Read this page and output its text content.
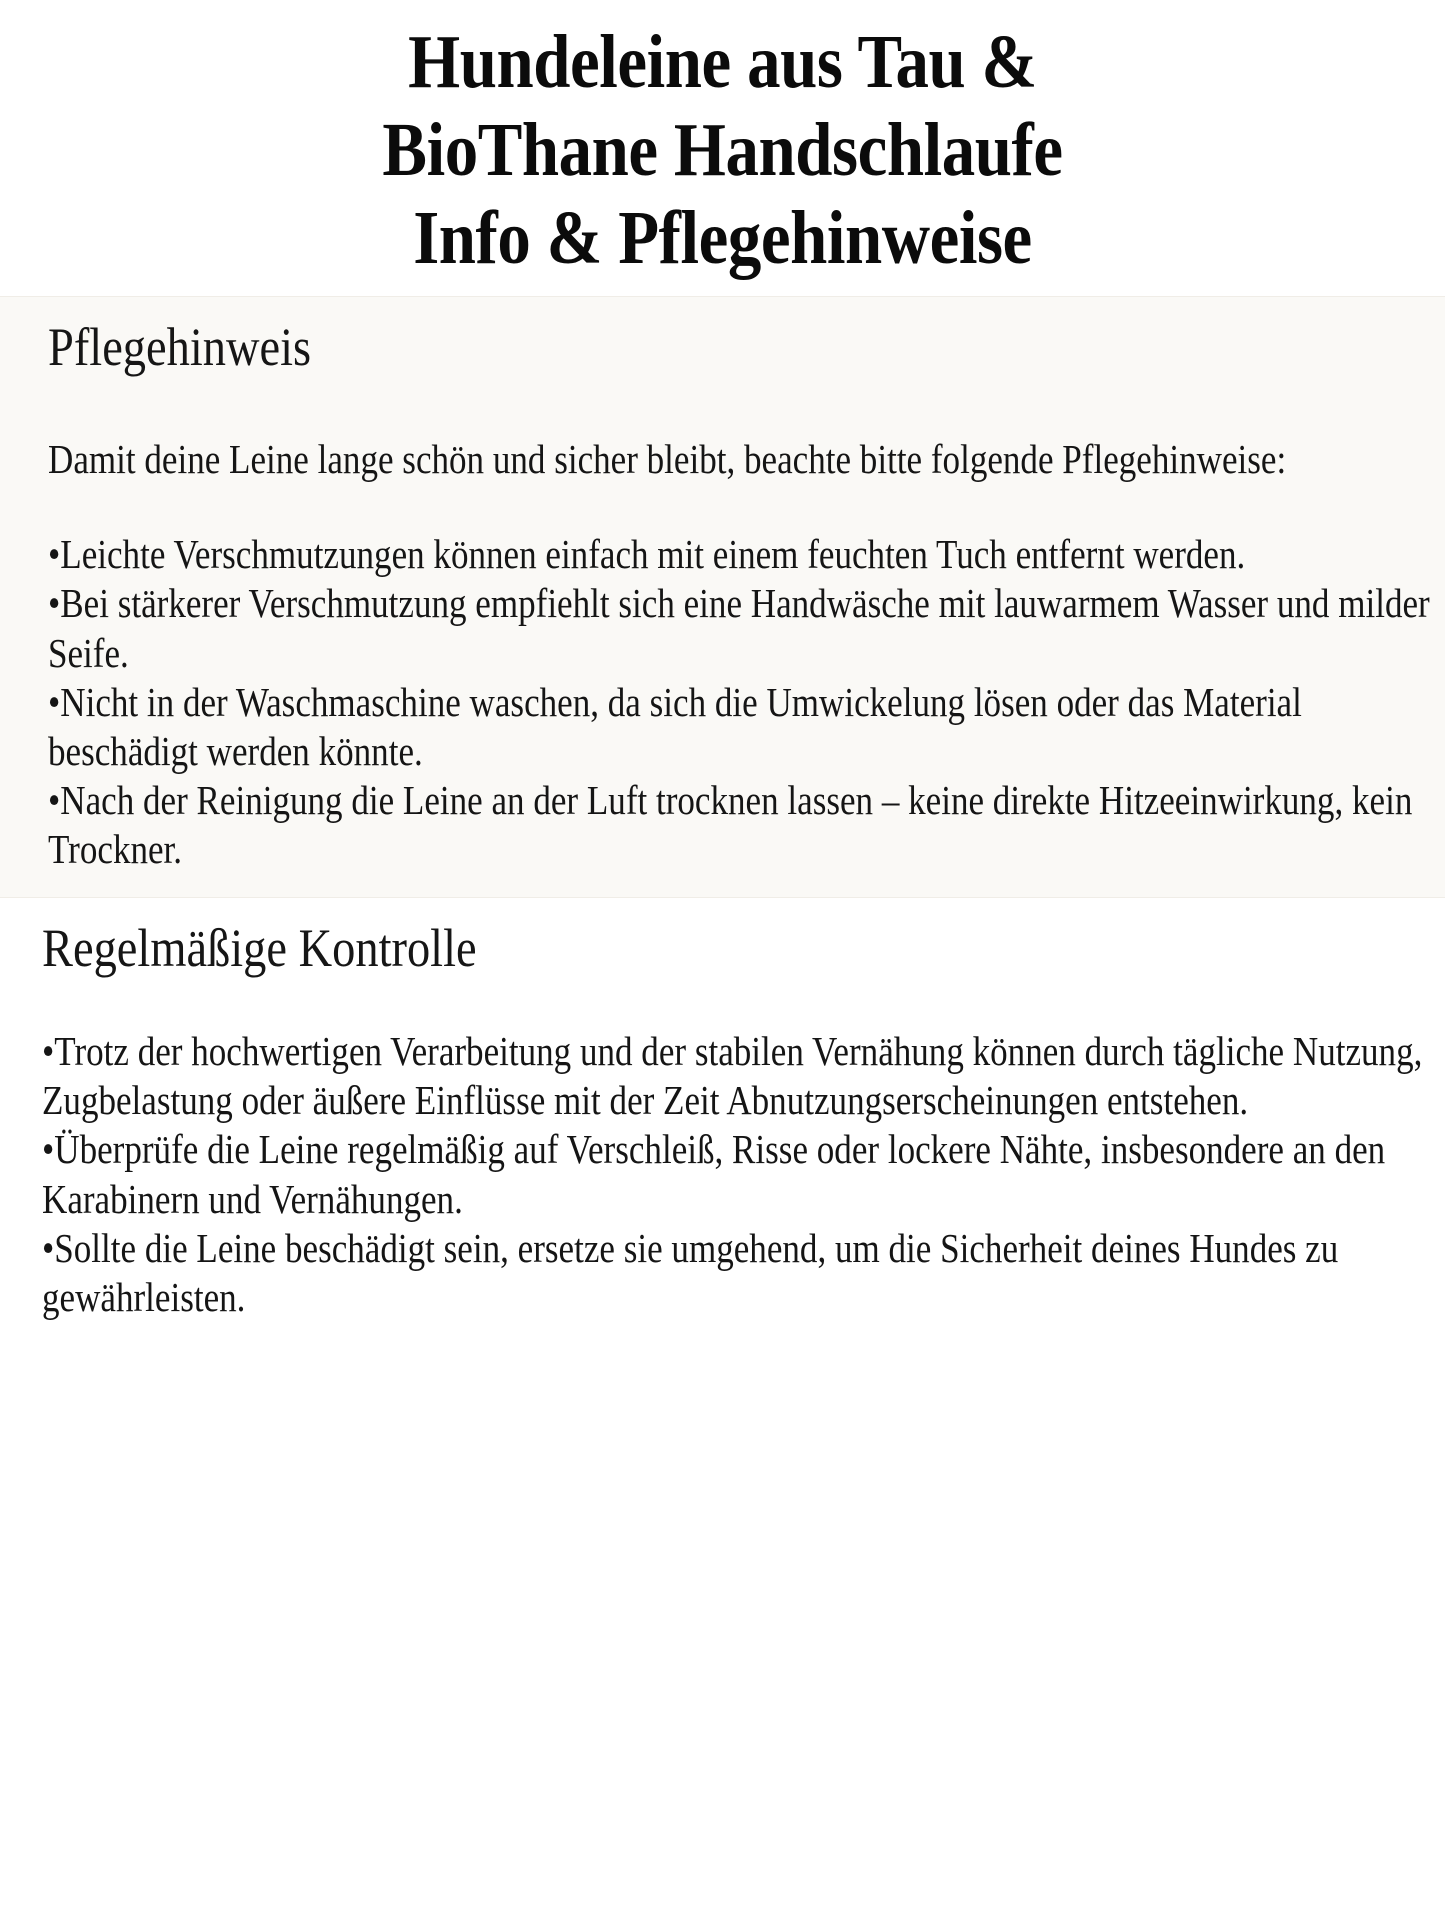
Hundeleine aus Tau &
BioThane Handschlaufe
Info & Pflegehinweise
Pflegehinweis
Damit deine Leine lange schön und sicher bleibt, beachte bitte folgende Pflegehinweise:
• Leichte Verschmutzungen können einfach mit einem feuchten Tuch entfernt werden.
• Bei stärkerer Verschmutzung empfiehlt sich eine Handwäsche mit lauwarmem Wasser und milder Seife.
• Nicht in der Waschmaschine waschen, da sich die Umwickelung lösen oder das Material beschädigt werden könnte.
• Nach der Reinigung die Leine an der Luft trocknen lassen – keine direkte Hitzeeinwirkung, kein Trockner.
Regelmäßige Kontrolle
• Trotz der hochwertigen Verarbeitung und der stabilen Vernähung können durch tägliche Nutzung, Zugbelastung oder äußere Einflüsse mit der Zeit Abnutzungserscheinungen entstehen.
• Überprüfe die Leine regelmäßig auf Verschleiß, Risse oder lockere Nähte, insbesondere an den Karabinern und Vernähungen.
• Sollte die Leine beschädigt sein, ersetze sie umgehend, um die Sicherheit deines Hundes zu gewährleisten.
